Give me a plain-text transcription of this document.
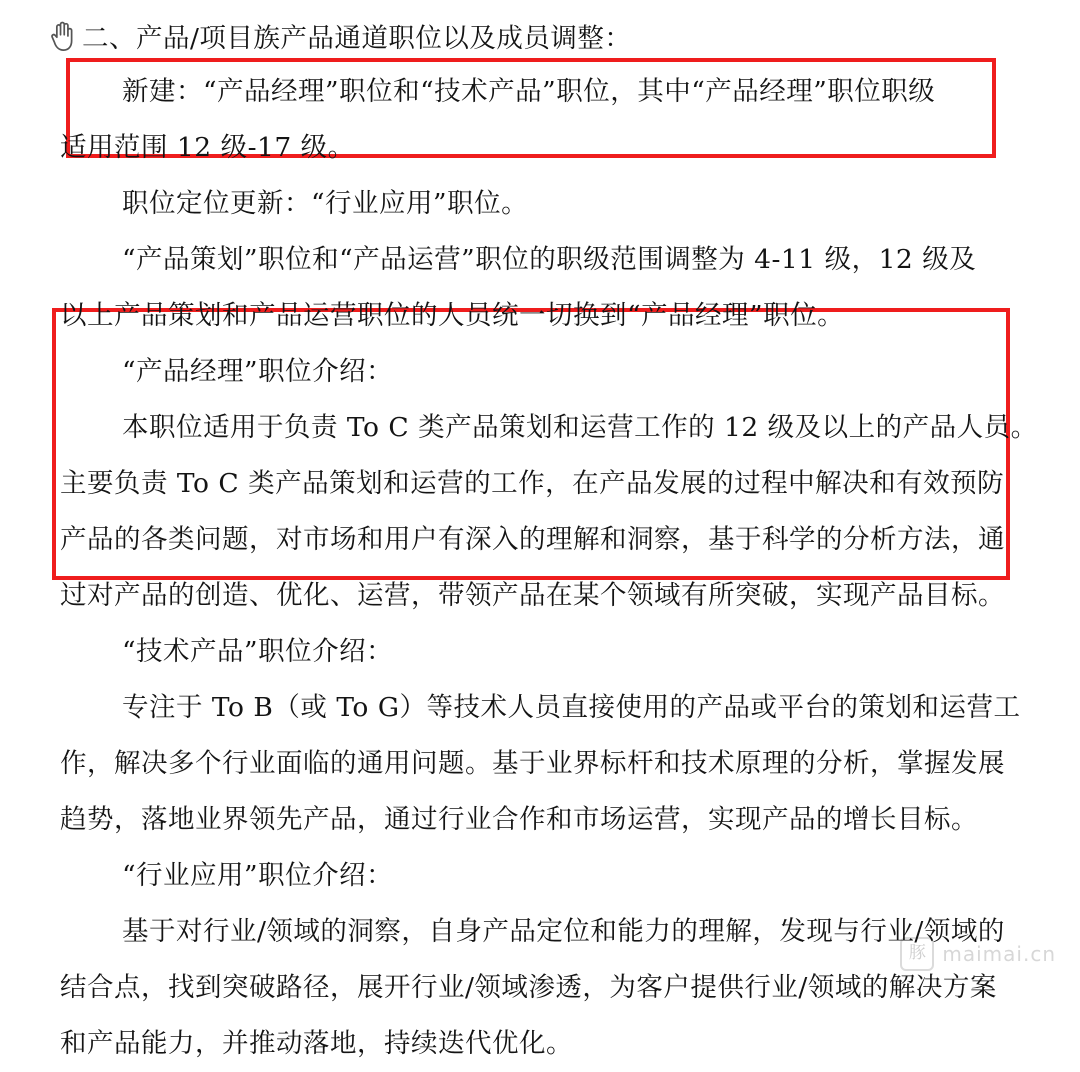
二、产品/项目族产品通道职位以及成员调整：
新建：“产品经理”职位和“技术产品”职位，其中“产品经理”职位职级
适用范围 12 级-17 级。
职位定位更新：“行业应用”职位。
“产品策划”职位和“产品运营”职位的职级范围调整为 4-11 级，12 级及
以上产品策划和产品运营职位的人员统一切换到“产品经理”职位。
“产品经理”职位介绍：
本职位适用于负责 To C 类产品策划和运营工作的 12 级及以上的产品人员。
主要负责 To C 类产品策划和运营的工作，在产品发展的过程中解决和有效预防
产品的各类问题，对市场和用户有深入的理解和洞察，基于科学的分析方法，通
过对产品的创造、优化、运营，带领产品在某个领域有所突破，实现产品目标。
“技术产品”职位介绍：
专注于 To B（或 To G）等技术人员直接使用的产品或平台的策划和运营工
作，解决多个行业面临的通用问题。基于业界标杆和技术原理的分析，掌握发展
趋势，落地业界领先产品，通过行业合作和市场运营，实现产品的增长目标。
“行业应用”职位介绍：
基于对行业/领域的洞察，自身产品定位和能力的理解，发现与行业/领域的
结合点，找到突破路径，展开行业/领域渗透，为客户提供行业/领域的解决方案
和产品能力，并推动落地，持续迭代优化。
豚 maimai.cn
